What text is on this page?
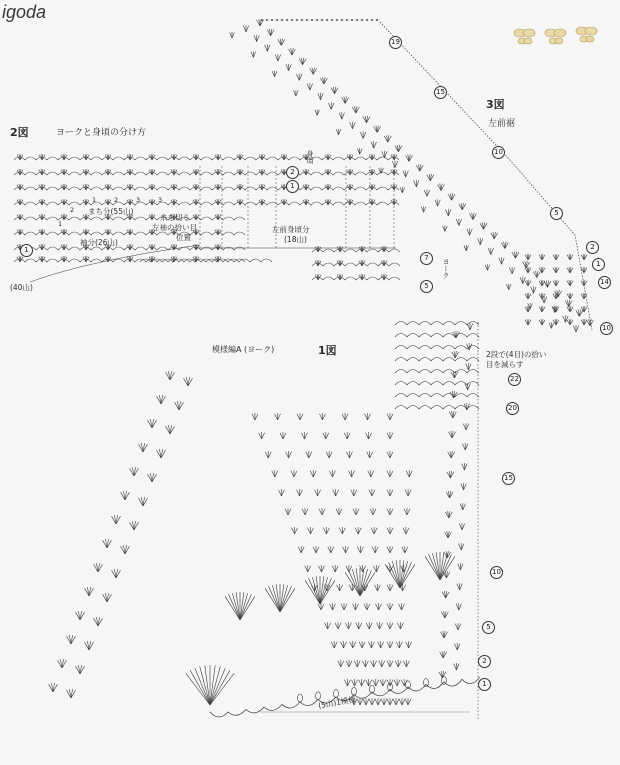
igoda
2図	ヨークと身頃の分け方
まち分(55山)
袖分(26山)
糸を切る
左袖の拾い目
位置
左前身頃分
(18山)
(40山)
身頃
ヨーク
2
1
7
5
1
1	2	3	3
2
1
3図
左前裾
19
15
10
5
2
1
14
10
模様編A (ヨーク)	1図	2段で(4目)の拾い目を減らす
22
20
15
10
5
2
1
(5山)1模様
